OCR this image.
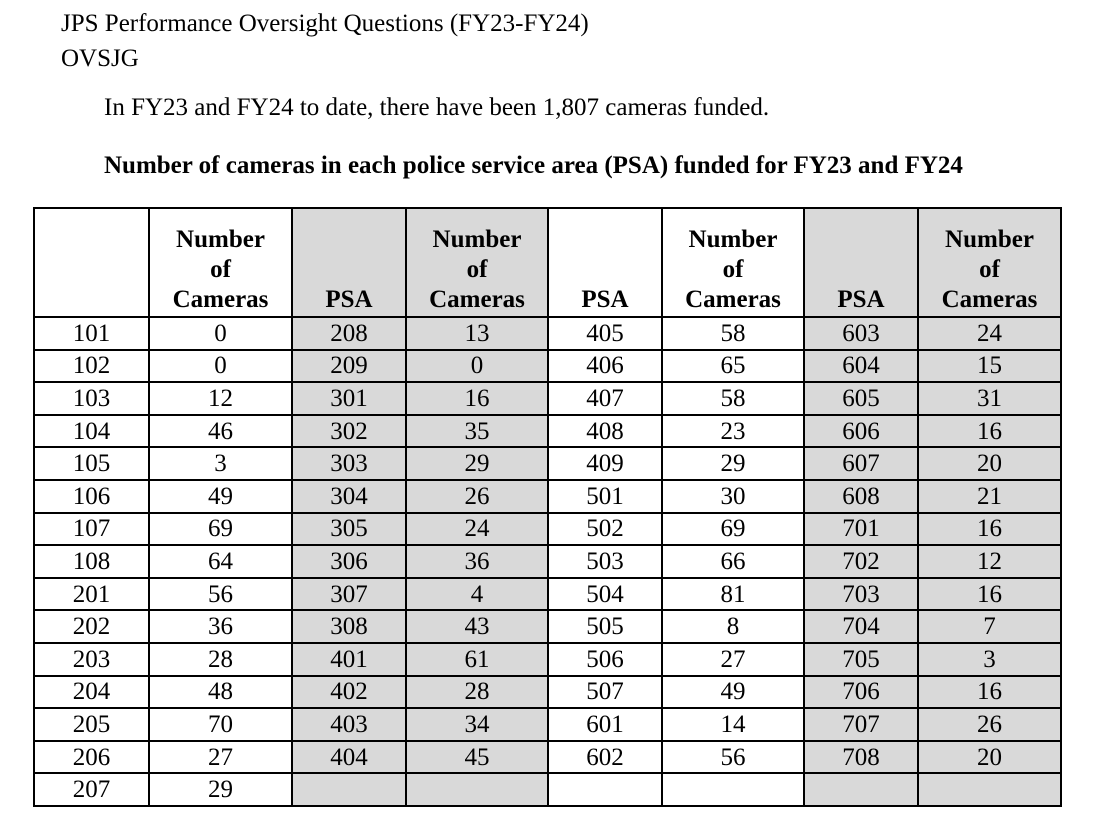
JPS Performance Oversight Questions (FY23-FY24)
OVSJG
In FY23 and FY24 to date, there have been 1,807 cameras funded.
Number of cameras in each police service area (PSA) funded for FY23 and FY24
	Number
of
Cameras	PSA	Number
of
Cameras	PSA	Number
of
Cameras	PSA	Number
of
Cameras
101	0	208	13	405	58	603	24
102	0	209	0	406	65	604	15
103	12	301	16	407	58	605	31
104	46	302	35	408	23	606	16
105	3	303	29	409	29	607	20
106	49	304	26	501	30	608	21
107	69	305	24	502	69	701	16
108	64	306	36	503	66	702	12
201	56	307	4	504	81	703	16
202	36	308	43	505	8	704	7
203	28	401	61	506	27	705	3
204	48	402	28	507	49	706	16
205	70	403	34	601	14	707	26
206	27	404	45	602	56	708	20
207	29						
